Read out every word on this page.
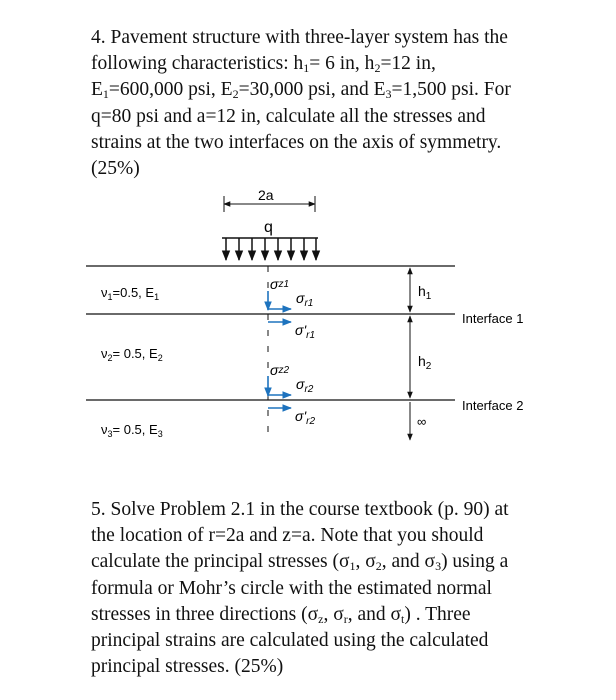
4. Pavement structure with three-layer system has the following characteristics: $h_1= 6$ in, $h_2=12$ in, $E_1=600,000$ psi, $E_2=30,000$ psi, and $E_3=1,500$ psi. For q=80 psi and a=12 in, calculate all the stresses and strains at the two interfaces on the axis of symmetry. (25%)

2a
q
$\nu_1=0.5$, $E_1$
$\nu_2= 0.5$, $E_2$
$\nu_3= 0.5$, $E_3$
σz1
$\sigma_{r1}$
$\sigma'_{r1}$
σz2
$\sigma_{r2}$
$\sigma'_{r2}$
$h_1$
$h_2$
∞
Interface 1
Interface 2

5. Solve Problem 2.1 in the course textbook (p. 90) at the location of r=2a and z=a. Note that you should calculate the principal stresses ($\sigma_1$, $\sigma_2$, and $\sigma_3$) using a formula or Mohr’s circle with the estimated normal stresses in three directions ($\sigma_z$, $\sigma_r$, and $\sigma_t$) . Three principal strains are calculated using the calculated principal stresses. (25%)
